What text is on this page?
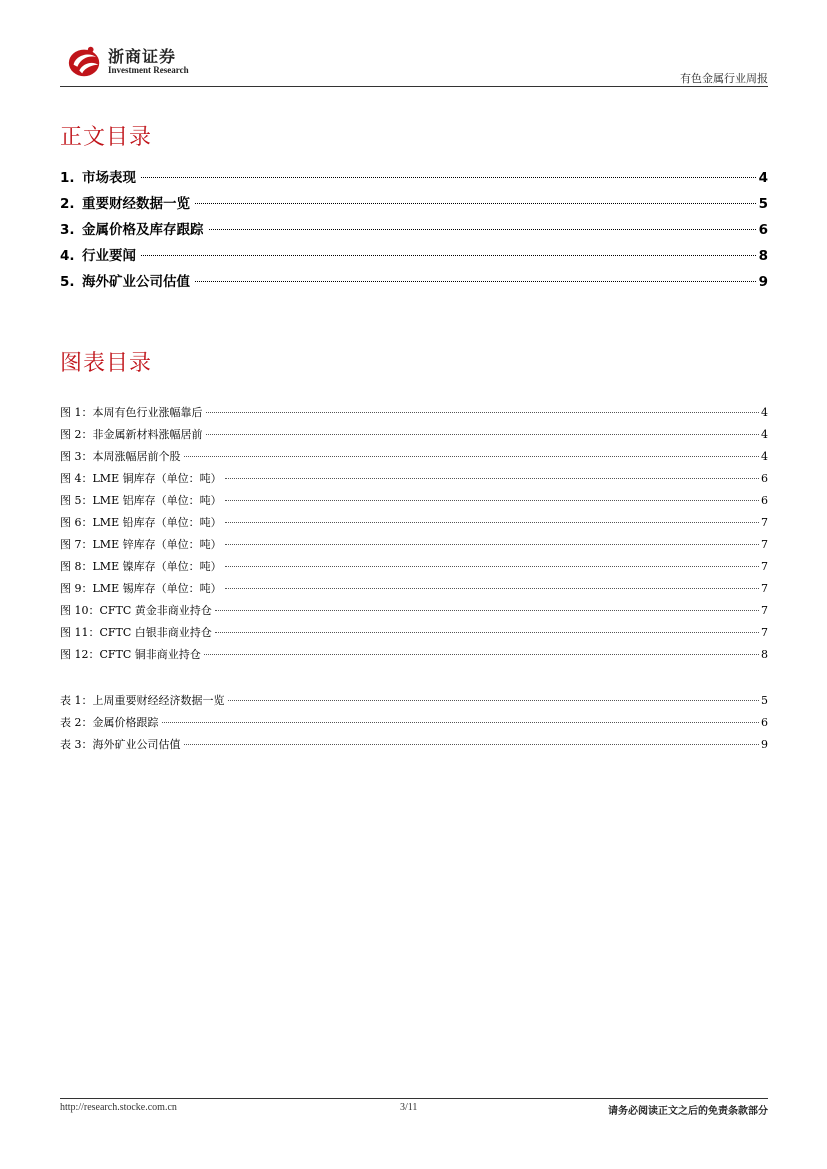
浙商证券
Investment Research
有色金属行业周报
正文目录
1. 市场表现	4
2. 重要财经数据一览	5
3. 金属价格及库存跟踪	6
4. 行业要闻	8
5. 海外矿业公司估值	9
图表目录
图 1：本周有色行业涨幅靠后	4
图 2：非金属新材料涨幅居前	4
图 3：本周涨幅居前个股	4
图 4：LME 铜库存（单位：吨）	6
图 5：LME 铝库存（单位：吨）	6
图 6：LME 铅库存（单位：吨）	7
图 7：LME 锌库存（单位：吨）	7
图 8：LME 镍库存（单位：吨）	7
图 9：LME 锡库存（单位：吨）	7
图 10：CFTC 黄金非商业持仓	7
图 11：CFTC 白银非商业持仓	7
图 12：CFTC 铜非商业持仓	8
表 1：上周重要财经经济数据一览	5
表 2：金属价格跟踪	6
表 3：海外矿业公司估值	9
http://research.stocke.com.cn	3/11	请务必阅读正文之后的免责条款部分
